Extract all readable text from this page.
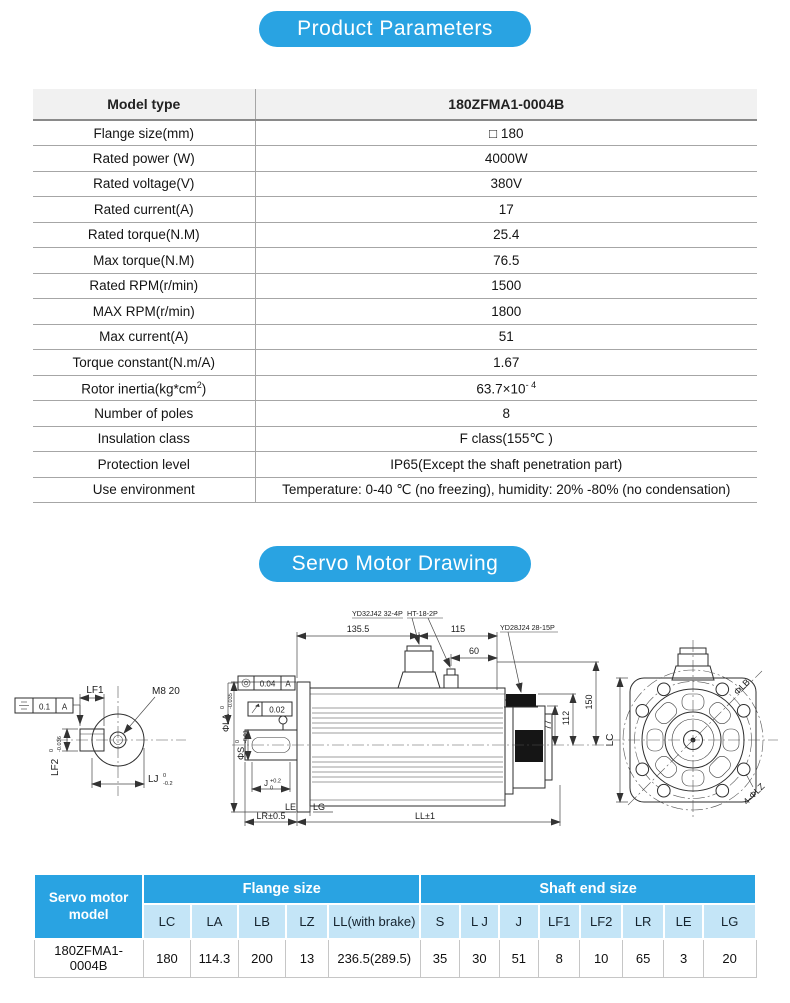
Product Parameters
Model type	180ZFMA1-0004B
Flange size(mm)	□ 180
Rated power (W)	4000W
Rated voltage(V)	380V
Rated current(A)	17
Rated torque(N.M)	25.4
Max torque(N.M)	76.5
Rated RPM(r/min)	1500
MAX RPM(r/min)	1800
Max current(A)	51
Torque constant(N.m/A)	1.67
Rotor $inertia(kg*cm^2)$	$63.7\times 10^{- 4}$
Number of poles	8
Insulation class	F class(155℃ )
Protection level	IP65(Except the shaft penetration part)
Use environment	Temperature: 0-40 ℃ (no freezing), humidity: 20% -80% (no condensation)
Servo Motor Drawing
LF1	M8 20
LF2
0 -0.036
LJ 0
-0.2
0.1 A
ΦLA
0 -0.035
ΦS
0 -0.01
135.5	115
60
YD32J42 32-4P HT-18-2P
YD28J24 28-15P
77 112
150
0.04 A
0.02
J +0.2
0
LE LG
LR±0.5	LL±1
LC
ΦLB
4-ΦLZ
Servo motor model	Flange size					Shaft end size							
	LC	LA	LB	LZ	LL(with brake)	S	L J	J	LF1	LF2	LR	LE	LG
180ZFMA1-0004B	180	114.3	200	13	236.5(289.5)	35	30	51	8	10	65	3	20
